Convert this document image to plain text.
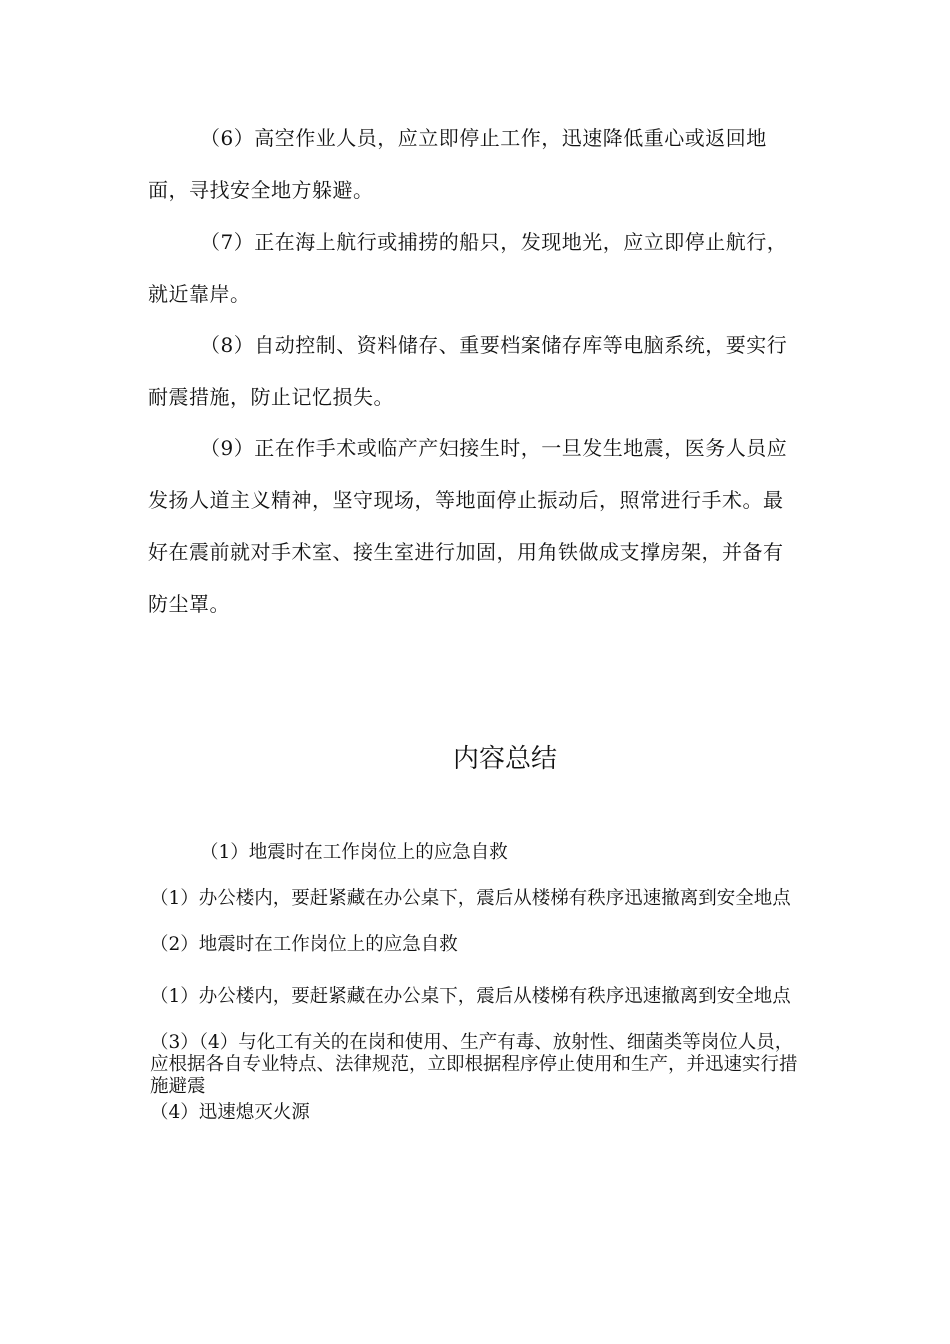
（6）高空作业人员，应立即停止工作，迅速降低重心或返回地面，寻找安全地方躲避。

（7）正在海上航行或捕捞的船只，发现地光，应立即停止航行，就近靠岸。

（8）自动控制、资料储存、重要档案储存库等电脑系统，要实行耐震措施，防止记忆损失。

（9）正在作手术或临产产妇接生时，一旦发生地震，医务人员应发扬人道主义精神，坚守现场，等地面停止振动后，照常进行手术。最好在震前就对手术室、接生室进行加固，用角铁做成支撑房架，并备有防尘罩。

内容总结

（1）地震时在工作岗位上的应急自救

（1）办公楼内，要赶紧藏在办公桌下，震后从楼梯有秩序迅速撤离到安全地点

（2）地震时在工作岗位上的应急自救

（1）办公楼内，要赶紧藏在办公桌下，震后从楼梯有秩序迅速撤离到安全地点

（3）（4）与化工有关的在岗和使用、生产有毒、放射性、细菌类等岗位人员，应根据各自专业特点、法律规范，立即根据程序停止使用和生产，并迅速实行措施避震

（4）迅速熄灭火源
